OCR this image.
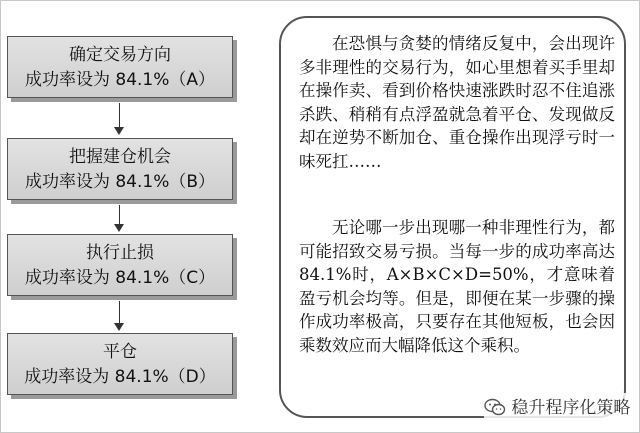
确定交易方向
成功率设为 84.1%（A）
把握建仓机会
成功率设为 84.1%（B）
执行止损
成功率设为 84.1%（C）
平仓
成功率设为 84.1%（D）

在恐惧与贪婪的情绪反复中，会出现许多非理性的交易行为，如心里想着买手里却在操作卖、看到价格快速涨跌时忍不住追涨杀跌、稍稍有点浮盈就急着平仓、发现做反却在逆势不断加仓、重仓操作出现浮亏时一味死扛……

无论哪一步出现哪一种非理性行为，都可能招致交易亏损。当每一步的成功率高达 84.1%时，A×B×C×D=50%，才意味着盈亏机会均等。但是，即便在某一步骤的操作成功率极高，只要存在其他短板，也会因乘数效应而大幅降低这个乘积。

稳升程序化策略
